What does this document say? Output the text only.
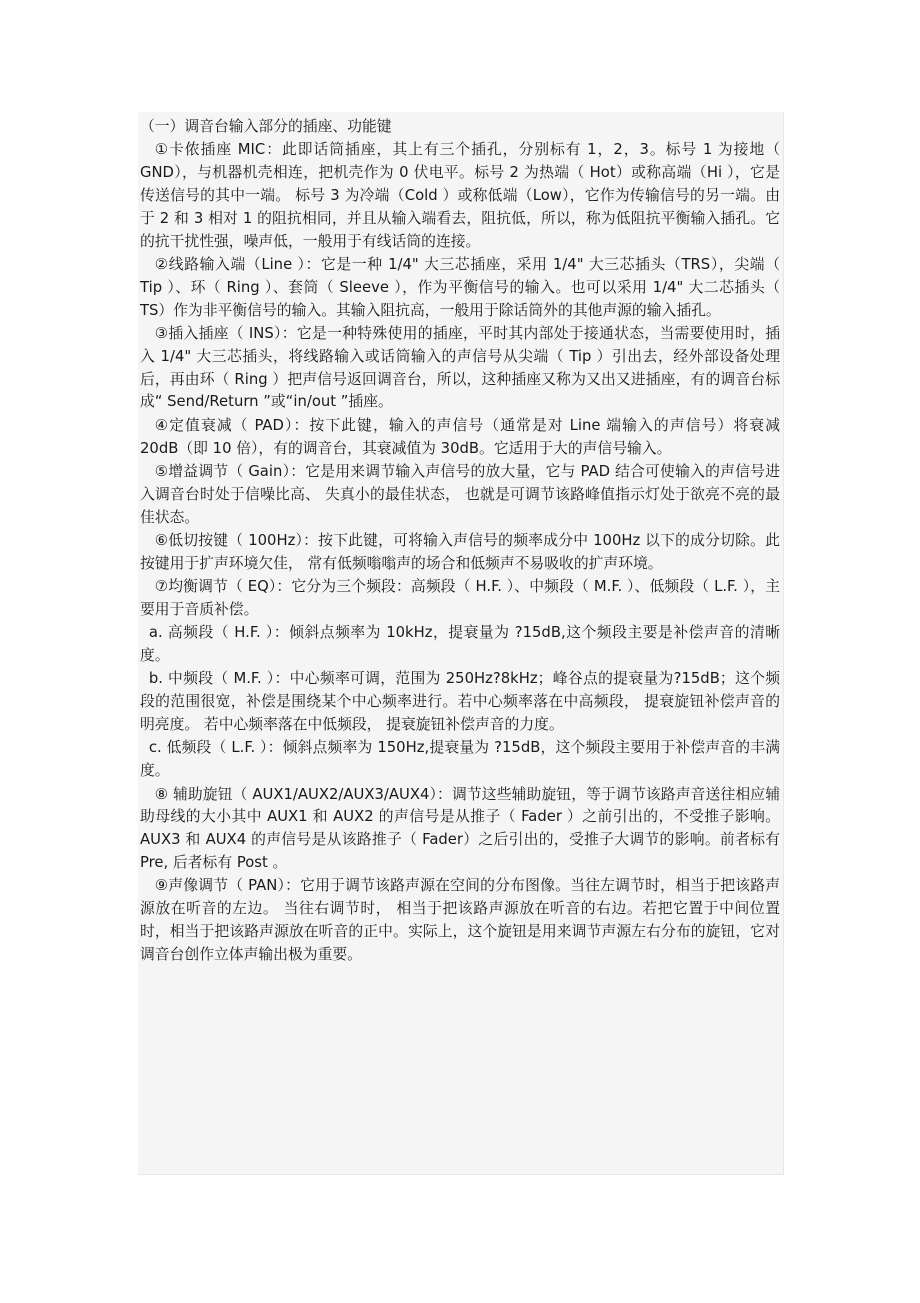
（一）调音台输入部分的插座、功能键

①卡侬插座 MIC：此即话筒插座，其上有三个插孔，分别标有 1，2，3。标号 1 为接地（ GND），与机器机壳相连，把机壳作为 0 伏电平。标号 2 为热端（ Hot）或称高端（Hi ），它是传送信号的其中一端。 标号 3 为冷端（Cold ）或称低端（Low），它作为传输信号的另一端。由于 2 和 3 相对 1 的阻抗相同，并且从输入端看去，阻抗低，所以，称为低阻抗平衡输入插孔。它的抗干扰性强，噪声低，一般用于有线话筒的连接。

②线路输入端（Line ）：它是一种 1/4" 大三芯插座，采用 1/4" 大三芯插头（TRS），尖端（ Tip ）、环（ Ring ）、套筒（ Sleeve ），作为平衡信号的输入。也可以采用 1/4" 大二芯插头（ TS）作为非平衡信号的输入。其输入阻抗高，一般用于除话筒外的其他声源的输入插孔。

③插入插座（ INS）：它是一种特殊使用的插座，平时其内部处于接通状态，当需要使用时，插入 1/4" 大三芯插头，将线路输入或话筒输入的声信号从尖端（ Tip ）引出去，经外部设备处理后，再由环（ Ring ）把声信号返回调音台，所以，这种插座又称为又出又进插座，有的调音台标成“ Send/Return ”或“in/out ”插座。

④定值衰减（ PAD）：按下此键，输入的声信号（通常是对 Line 端输入的声信号）将衰减 20dB（即 10 倍），有的调音台，其衰减值为 30dB。它适用于大的声信号输入。

⑤增益调节（ Gain）：它是用来调节输入声信号的放大量，它与 PAD 结合可使输入的声信号进入调音台时处于信噪比高、 失真小的最佳状态， 也就是可调节该路峰值指示灯处于欲亮不亮的最佳状态。

⑥低切按键（ 100Hz）：按下此键，可将输入声信号的频率成分中 100Hz 以下的成分切除。此按键用于扩声环境欠佳， 常有低频嗡嗡声的场合和低频声不易吸收的扩声环境。

⑦均衡调节（ EQ）：它分为三个频段：高频段（ H.F. ）、中频段（ M.F. ）、低频段（ L.F. ），主要用于音质补偿。

a. 高频段（ H.F. ）：倾斜点频率为 10kHz，提衰量为 ?15dB,这个频段主要是补偿声音的清晰度。

b. 中频段（ M.F. ）：中心频率可调，范围为 250Hz?8kHz；峰谷点的提衰量为?15dB；这个频段的范围很宽，补偿是围绕某个中心频率进行。若中心频率落在中高频段， 提衰旋钮补偿声音的明亮度。 若中心频率落在中低频段， 提衰旋钮补偿声音的力度。

c. 低频段（ L.F. ）：倾斜点频率为 150Hz,提衰量为 ?15dB，这个频段主要用于补偿声音的丰满度。

⑧ 辅助旋钮（ AUX1/AUX2/AUX3/AUX4）：调节这些辅助旋钮，等于调节该路声音送往相应辅助母线的大小其中 AUX1 和 AUX2 的声信号是从推子（ Fader ）之前引出的，不受推子影响。 AUX3 和 AUX4 的声信号是从该路推子（ Fader）之后引出的，受推子大调节的影响。前者标有 Pre, 后者标有 Post 。

⑨声像调节（ PAN）：它用于调节该路声源在空间的分布图像。当往左调节时，相当于把该路声源放在听音的左边。 当往右调节时， 相当于把该路声源放在听音的右边。若把它置于中间位置时，相当于把该路声源放在听音的正中。实际上，这个旋钮是用来调节声源左右分布的旋钮，它对调音台创作立体声输出极为重要。
